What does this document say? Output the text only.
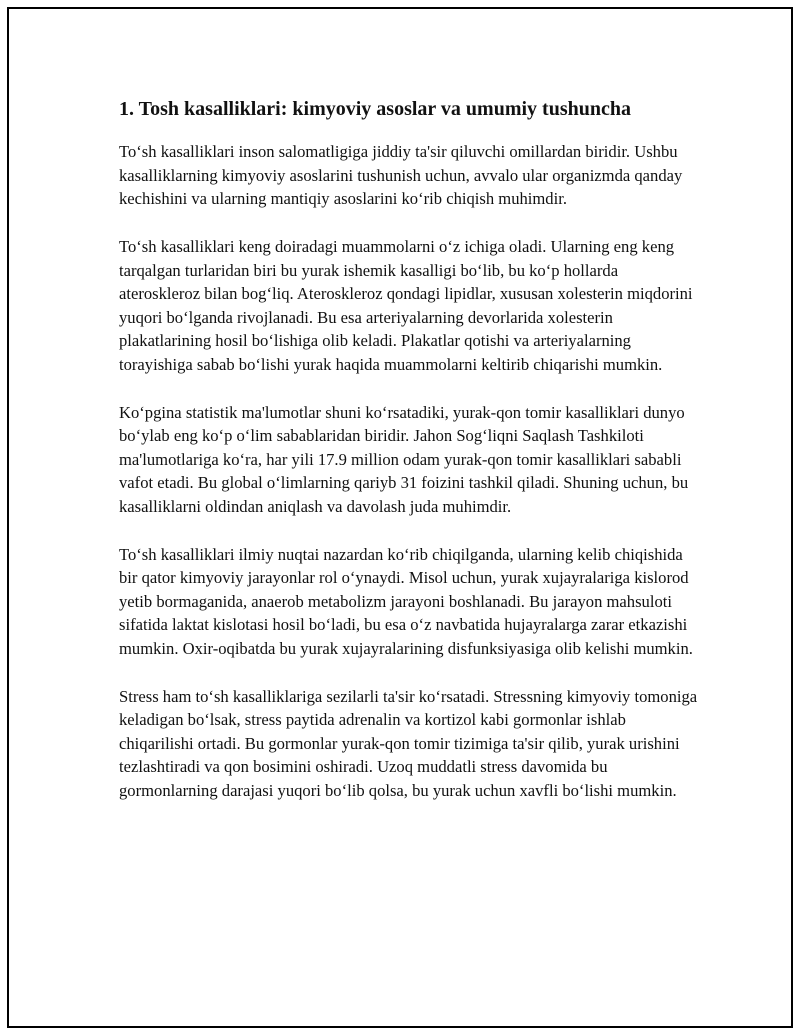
1. Tosh kasalliklari: kimyoviy asoslar va umumiy tushuncha

To‘sh kasalliklari inson salomatligiga jiddiy ta'sir qiluvchi omillardan biridir. Ushbu kasalliklarning kimyoviy asoslarini tushunish uchun, avvalo ular organizmda qanday kechishini va ularning mantiqiy asoslarini ko‘rib chiqish muhimdir.

To‘sh kasalliklari keng doiradagi muammolarni o‘z ichiga oladi. Ularning eng keng tarqalgan turlaridan biri bu yurak ishemik kasalligi bo‘lib, bu ko‘p hollarda ateroskleroz bilan bog‘liq. Ateroskleroz qondagi lipidlar, xususan xolesterin miqdorini yuqori bo‘lganda rivojlanadi. Bu esa arteriyalarning devorlarida xolesterin plakatlarining hosil bo‘lishiga olib keladi. Plakatlar qotishi va arteriyalarning torayishiga sabab bo‘lishi yurak haqida muammolarni keltirib chiqarishi mumkin.

Ko‘pgina statistik ma'lumotlar shuni ko‘rsatadiki, yurak-qon tomir kasalliklari dunyo bo‘ylab eng ko‘p o‘lim sabablaridan biridir. Jahon Sog‘liqni Saqlash Tashkiloti ma'lumotlariga ko‘ra, har yili 17.9 million odam yurak-qon tomir kasalliklari sababli vafot etadi. Bu global o‘limlarning qariyb 31 foizini tashkil qiladi. Shuning uchun, bu kasalliklarni oldindan aniqlash va davolash juda muhimdir.

To‘sh kasalliklari ilmiy nuqtai nazardan ko‘rib chiqilganda, ularning kelib chiqishida bir qator kimyoviy jarayonlar rol o‘ynaydi. Misol uchun, yurak xujayralariga kislorod yetib bormaganida, anaerob metabolizm jarayoni boshlanadi. Bu jarayon mahsuloti sifatida laktat kislotasi hosil bo‘ladi, bu esa o‘z navbatida hujayralarga zarar etkazishi mumkin. Oxir-oqibatda bu yurak xujayralarining disfunksiyasiga olib kelishi mumkin.

Stress ham to‘sh kasalliklariga sezilarli ta'sir ko‘rsatadi. Stressning kimyoviy tomoniga keladigan bo‘lsak, stress paytida adrenalin va kortizol kabi gormonlar ishlab chiqarilishi ortadi. Bu gormonlar yurak-qon tomir tizimiga ta'sir qilib, yurak urishini tezlashtiradi va qon bosimini oshiradi. Uzoq muddatli stress davomida bu gormonlarning darajasi yuqori bo‘lib qolsa, bu yurak uchun xavfli bo‘lishi mumkin.
